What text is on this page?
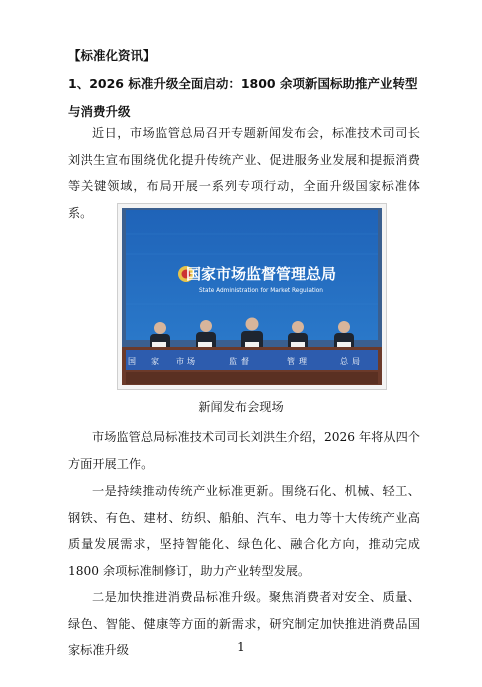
【标准化资讯】
1、2026 标准升级全面启动：1800 余项新国标助推产业转型与消费升级
近日，市场监管总局召开专题新闻发布会，标准技术司司长刘洪生宣布围绕优化提升传统产业、促进服务业发展和提振消费等关键领域，布局开展一系列专项行动，全面升级国家标准体系。
国家市场监督管理总局
State Administration for Market Regulation
国 家 市 场	监 督	管 理	总 局
新闻发布会现场
市场监管总局标准技术司司长刘洪生介绍，2026 年将从四个方面开展工作。
一是持续推动传统产业标准更新。围绕石化、机械、轻工、钢铁、有色、建材、纺织、船舶、汽车、电力等十大传统产业高质量发展需求，坚持智能化、绿色化、融合化方向，推动完成 1800 余项标准制修订，助力产业转型发展。
二是加快推进消费品标准升级。聚焦消费者对安全、质量、绿色、智能、健康等方面的新需求，研究制定加快推进消费品国家标准升级	1
